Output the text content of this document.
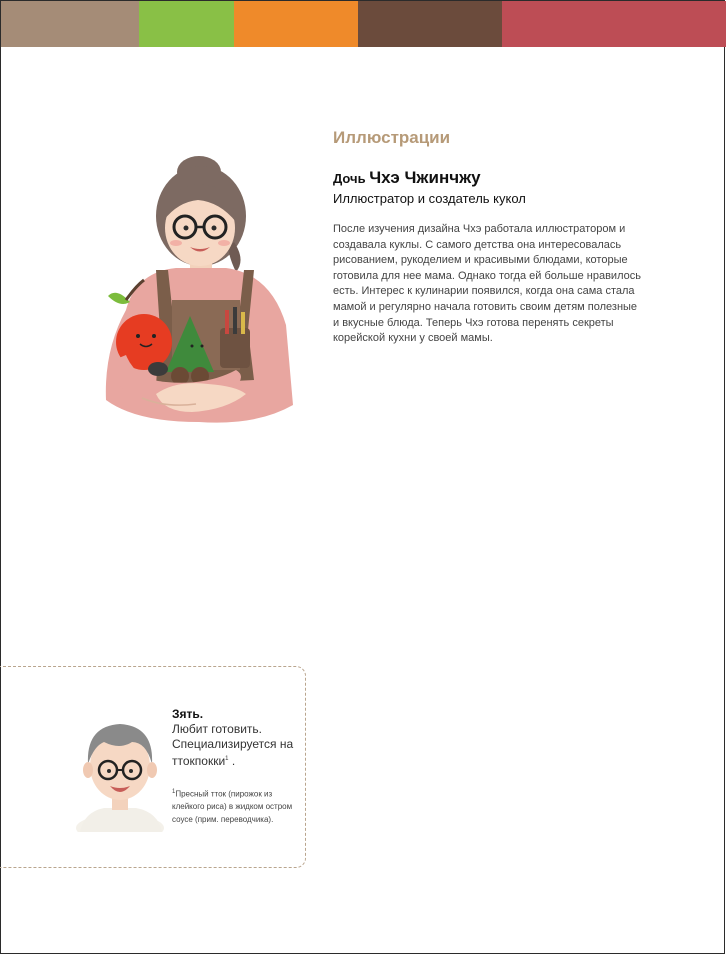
Иллюстрации
Дочь Чхэ Чжинчжу
Иллюстратор и создатель кукол
После изучения дизайна Чхэ работала иллюстратором и создавала куклы. С самого детства она интересовалась рисованием, рукоделием и красивыми блюдами, которые готовила для нее мама. Однако тогда ей больше нравилось есть. Интерес к кулинарии появился, когда она сама стала мамой и регулярно начала готовить своим детям полезные и вкусные блюда. Теперь Чхэ готова перенять секреты корейской кухни у своей мамы.
Зять.
Любит готовить. Специализируется на ттокпокки$^1$ .
$^1$Пресный тток (пирожок из клейкого риса) в жидком остром соусе (прим. переводчика).
